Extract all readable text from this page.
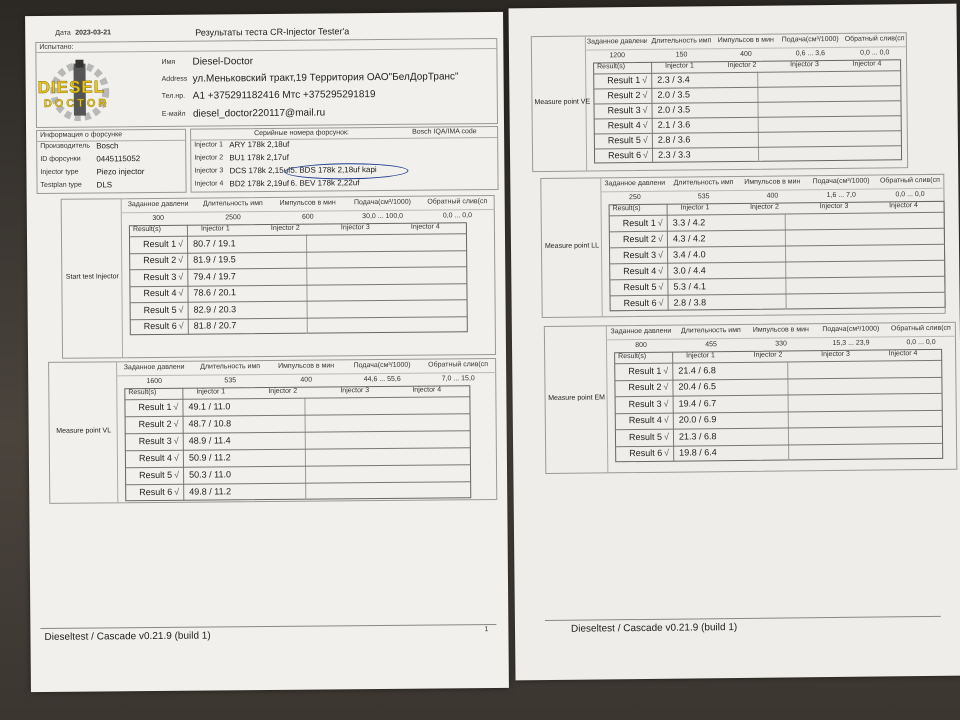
Дата 2023-03-21	Результаты теста CR-Injector Tester'a
Испытано:
DIESEL
DOCTOR
Имя Diesel-Doctor
Address ул.Меньковский тракт,19 Территория ОАО"БелДорТранс"
Тел.нр. A1 +375291182416 Мтс +375295291819
E-майл diesel_doctor220117@mail.ru
Информация о форсунке
Производитель Bosch
ID форсунки 0445115052
Injector type Piezo injector
Testplan type DLS
Серийные номера форсунок:	Bosch IQA/IMA code
Injector 1 ARY 178k 2,18uf
Injector 2 BU1 178k 2,17uf
Injector 3 DCS 178k 2,15uf 5. BDS 178k 2,18uf kapi
Injector 4 BD2 178k 2,19uf 6. BEV 178k 2,22uf
Start test Injector
Заданное давлени	Длительность имп	Импульсов в мин	Подача(см³/1000)	Обратный слив(сп
300	2500	600	30,0 ... 100,0	0,0 ... 0,0
Result(s)	Injector 1	Injector 2	Injector 3	Injector 4
Result 1 √ 80.7 / 19.1
Result 2 √ 81.9 / 19.5
Result 3 √ 79.4 / 19.7
Result 4 √ 78.6 / 20.1
Result 5 √ 82.9 / 20.3
Result 6 √ 81.8 / 20.7
Measure point VL
Заданное давлени	Длительность имп	Импульсов в мин	Подача(см³/1000)	Обратный слив(сп
1600	535	400	44,6 ... 55,6	7,0 ... 15,0
Result(s)	Injector 1	Injector 2	Injector 3	Injector 4
Result 1 √ 49.1 / 11.0
Result 2 √ 48.7 / 10.8
Result 3 √ 48.9 / 11.4
Result 4 √ 50.9 / 11.2
Result 5 √ 50.3 / 11.0
Result 6 √ 49.8 / 11.2
Dieseltest / Cascade v0.21.9 (build 1)
1
Measure point VE
Заданное давлени Длительность имп Импульсов в мин	Подача(см³/1000) Обратный слив(сп
1200	150	400	0,6 ... 3,6	0,0 ... 0,0
Result(s)	Injector 1	Injector 2	Injector 3	Injector 4
Result 1 √ 2.3 / 3.4
Result 2 √ 2.0 / 3.5
Result 3 √ 2.0 / 3.5
Result 4 √ 2.1 / 3.6
Result 5 √ 2.8 / 3.6
Result 6 √ 2.3 / 3.3
Measure point LL
Заданное давлени	Длительность имп	Импульсов в мин	Подача(см³/1000)	Обратный слив(сп
250	535	400	1,6 ... 7,0	0,0 ... 0,0
Result(s)	Injector 1	Injector 2	Injector 3	Injector 4
Result 1 √ 3.3 / 4.2
Result 2 √ 4.3 / 4.2
Result 3 √ 3.4 / 4.0
Result 4 √ 3.0 / 4.4
Result 5 √ 5.3 / 4.1
Result 6 √ 2.8 / 3.8
Measure point EM
Заданное давлени	Длительность имп	Импульсов в мин	Подача(см³/1000)	Обратный слив(сп
800	455	330	15,3 ... 23,9	0,0 ... 0,0
Result(s)	Injector 1	Injector 2	Injector 3	Injector 4
Result 1 √ 21.4 / 6.8
Result 2 √ 20.4 / 6.5
Result 3 √ 19.4 / 6.7
Result 4 √ 20.0 / 6.9
Result 5 √ 21.3 / 6.8
Result 6 √ 19.8 / 6.4
Dieseltest / Cascade v0.21.9 (build 1)
